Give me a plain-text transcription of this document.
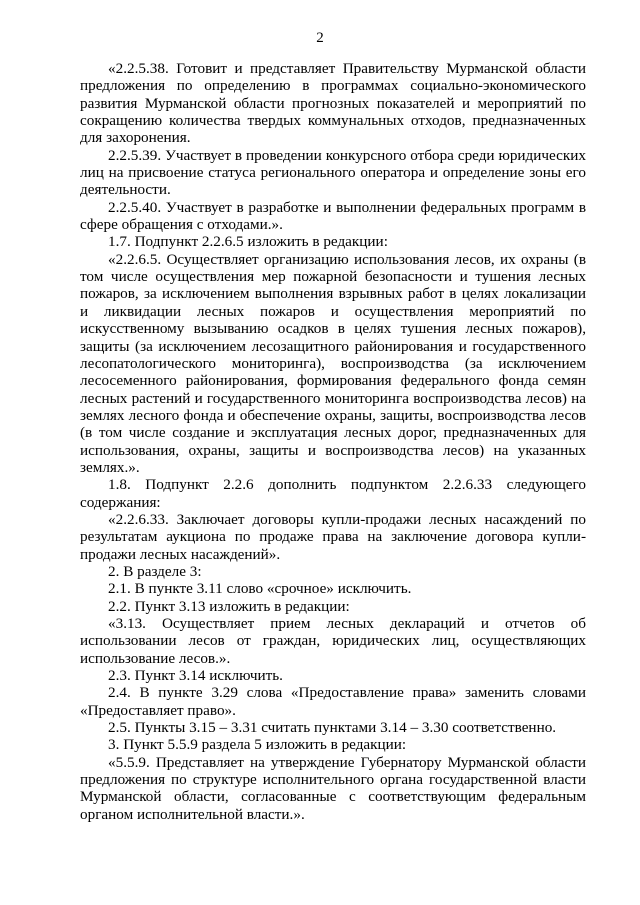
2

«2.2.5.38. Готовит и представляет Правительству Мурманской области предложения по определению в программах социально-экономического развития Мурманской области прогнозных показателей и мероприятий по сокращению количества твердых коммунальных отходов, предназначенных для захоронения.

2.2.5.39. Участвует в проведении конкурсного отбора среди юридических лиц на присвоение статуса регионального оператора и определение зоны его деятельности.

2.2.5.40. Участвует в разработке и выполнении федеральных программ в сфере обращения с отходами.».

1.7. Подпункт 2.2.6.5 изложить в редакции:

«2.2.6.5. Осуществляет организацию использования лесов, их охраны (в том числе осуществления мер пожарной безопасности и тушения лесных пожаров, за исключением выполнения взрывных работ в целях локализации и ликвидации лесных пожаров и осуществления мероприятий по искусственному вызыванию осадков в целях тушения лесных пожаров), защиты (за исключением лесозащитного районирования и государственного лесопатологического мониторинга), воспроизводства (за исключением лесосеменного районирования, формирования федерального фонда семян лесных растений и государственного мониторинга воспроизводства лесов) на землях лесного фонда и обеспечение охраны, защиты, воспроизводства лесов (в том числе создание и эксплуатация лесных дорог, предназначенных для использования, охраны, защиты и воспроизводства лесов) на указанных землях.».

1.8. Подпункт 2.2.6 дополнить подпунктом 2.2.6.33 следующего содержания:

«2.2.6.33. Заключает договоры купли-продажи лесных насаждений по результатам аукциона по продаже права на заключение договора купли-продажи лесных насаждений».

2. В разделе 3:

2.1. В пункте 3.11 слово «срочное» исключить.

2.2. Пункт 3.13 изложить в редакции:

«3.13. Осуществляет прием лесных деклараций и отчетов об использовании лесов от граждан, юридических лиц, осуществляющих использование лесов.».

2.3. Пункт 3.14 исключить.

2.4. В пункте 3.29 слова «Предоставление права» заменить словами «Предоставляет право».

2.5. Пункты 3.15 – 3.31 считать пунктами 3.14 – 3.30 соответственно.

3. Пункт 5.5.9 раздела 5 изложить в редакции:

«5.5.9. Представляет на утверждение Губернатору Мурманской области предложения по структуре исполнительного органа государственной власти Мурманской области, согласованные с соответствующим федеральным органом исполнительной власти.».
